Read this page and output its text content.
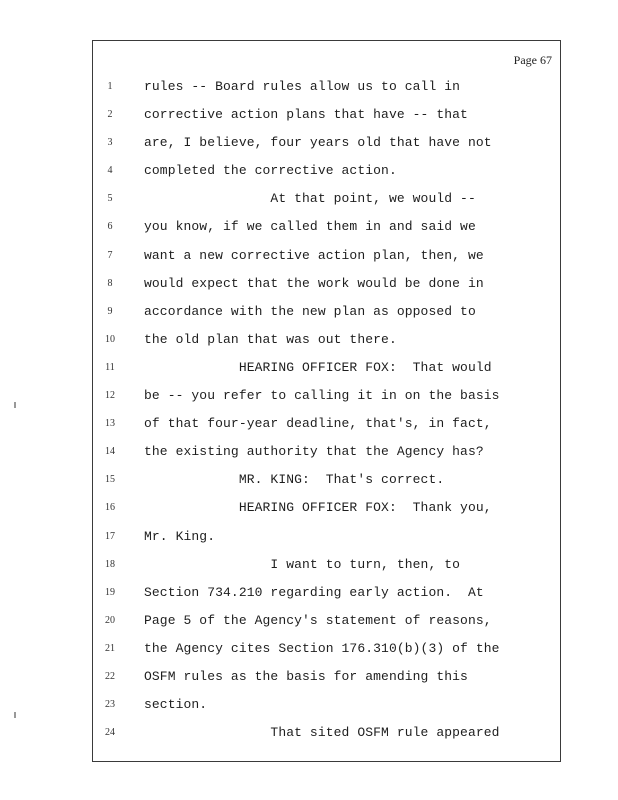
Page 67
1	rules -- Board rules allow us to call in
2	corrective action plans that have -- that
3	are, I believe, four years old that have not
4	completed the corrective action.
5	At that point, we would --
6	you know, if we called them in and said we
7	want a new corrective action plan, then, we
8	would expect that the work would be done in
9	accordance with the new plan as opposed to
10	the old plan that was out there.
11	HEARING OFFICER FOX:  That would
12	be -- you refer to calling it in on the basis
13	of that four-year deadline, that's, in fact,
14	the existing authority that the Agency has?
15	MR. KING:  That's correct.
16	HEARING OFFICER FOX:  Thank you,
17	Mr. King.
18	I want to turn, then, to
19	Section 734.210 regarding early action.  At
20	Page 5 of the Agency's statement of reasons,
21	the Agency cites Section 176.310(b)(3) of the
22	OSFM rules as the basis for amending this
23	section.
24	That sited OSFM rule appeared
